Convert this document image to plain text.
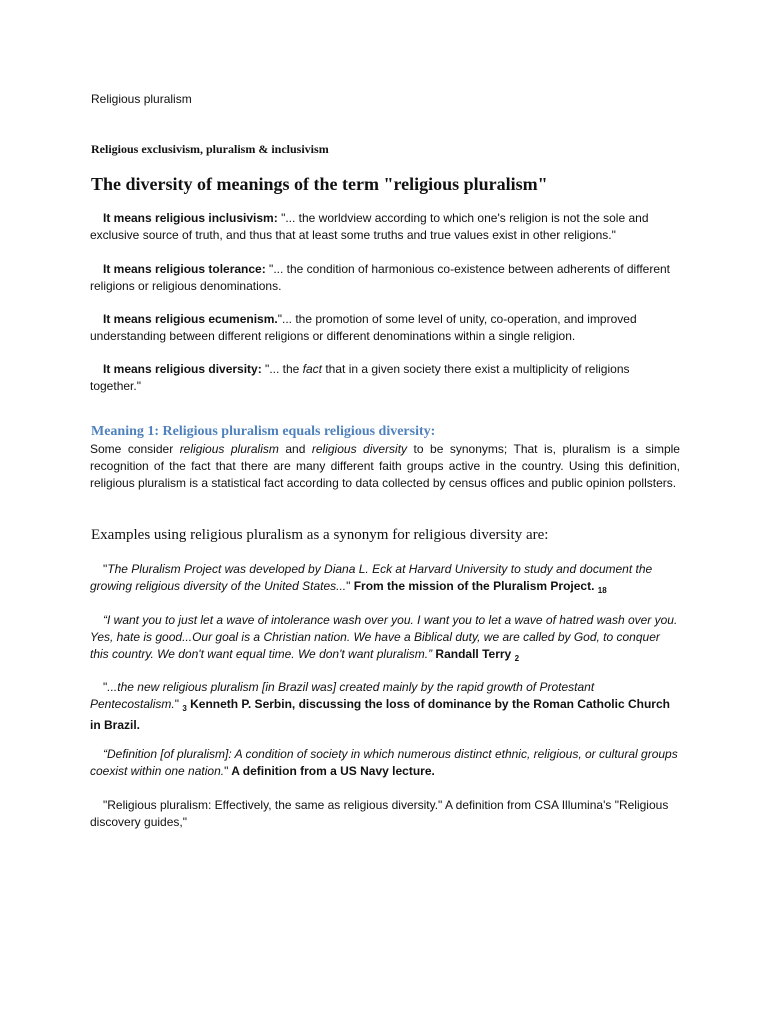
Religious pluralism

Religious exclusivism, pluralism & inclusivism

The diversity of meanings of the term "religious pluralism"

It means religious inclusivism: "... the worldview according to which one's religion is not the sole and exclusive source of truth, and thus that at least some truths and true values exist in other religions."

It means religious tolerance: "... the condition of harmonious co-existence between adherents of different religions or religious denominations.

It means religious ecumenism."... the promotion of some level of unity, co-operation, and improved understanding between different religions or different denominations within a single religion.

It means religious diversity: "... the fact that in a given society there exist a multiplicity of religions together."

Meaning 1: Religious pluralism equals religious diversity:

Some consider religious pluralism and religious diversity to be synonyms; That is, pluralism is a simple recognition of the fact that there are many different faith groups active in the country. Using this definition, religious pluralism is a statistical fact according to data collected by census offices and public opinion pollsters.

Examples using religious pluralism as a synonym for religious diversity are:

"The Pluralism Project was developed by Diana L. Eck at Harvard University to study and document the growing religious diversity of the United States..." From the mission of the Pluralism Project. $_{18}$

“I want you to just let a wave of intolerance wash over you. I want you to let a wave of hatred wash over you. Yes, hate is good...Our goal is a Christian nation. We have a Biblical duty, we are called by God, to conquer this country. We don't want equal time. We don't want pluralism.” Randall Terry $_2$

"...the new religious pluralism [in Brazil was] created mainly by the rapid growth of Protestant Pentecostalism." $_3$ Kenneth P. Serbin, discussing the loss of dominance by the Roman Catholic Church in Brazil.

“Definition [of pluralism]: A condition of society in which numerous distinct ethnic, religious, or cultural groups coexist within one nation." A definition from a US Navy lecture.

"Religious pluralism: Effectively, the same as religious diversity." A definition from CSA Illumina's "Religious discovery guides,"
